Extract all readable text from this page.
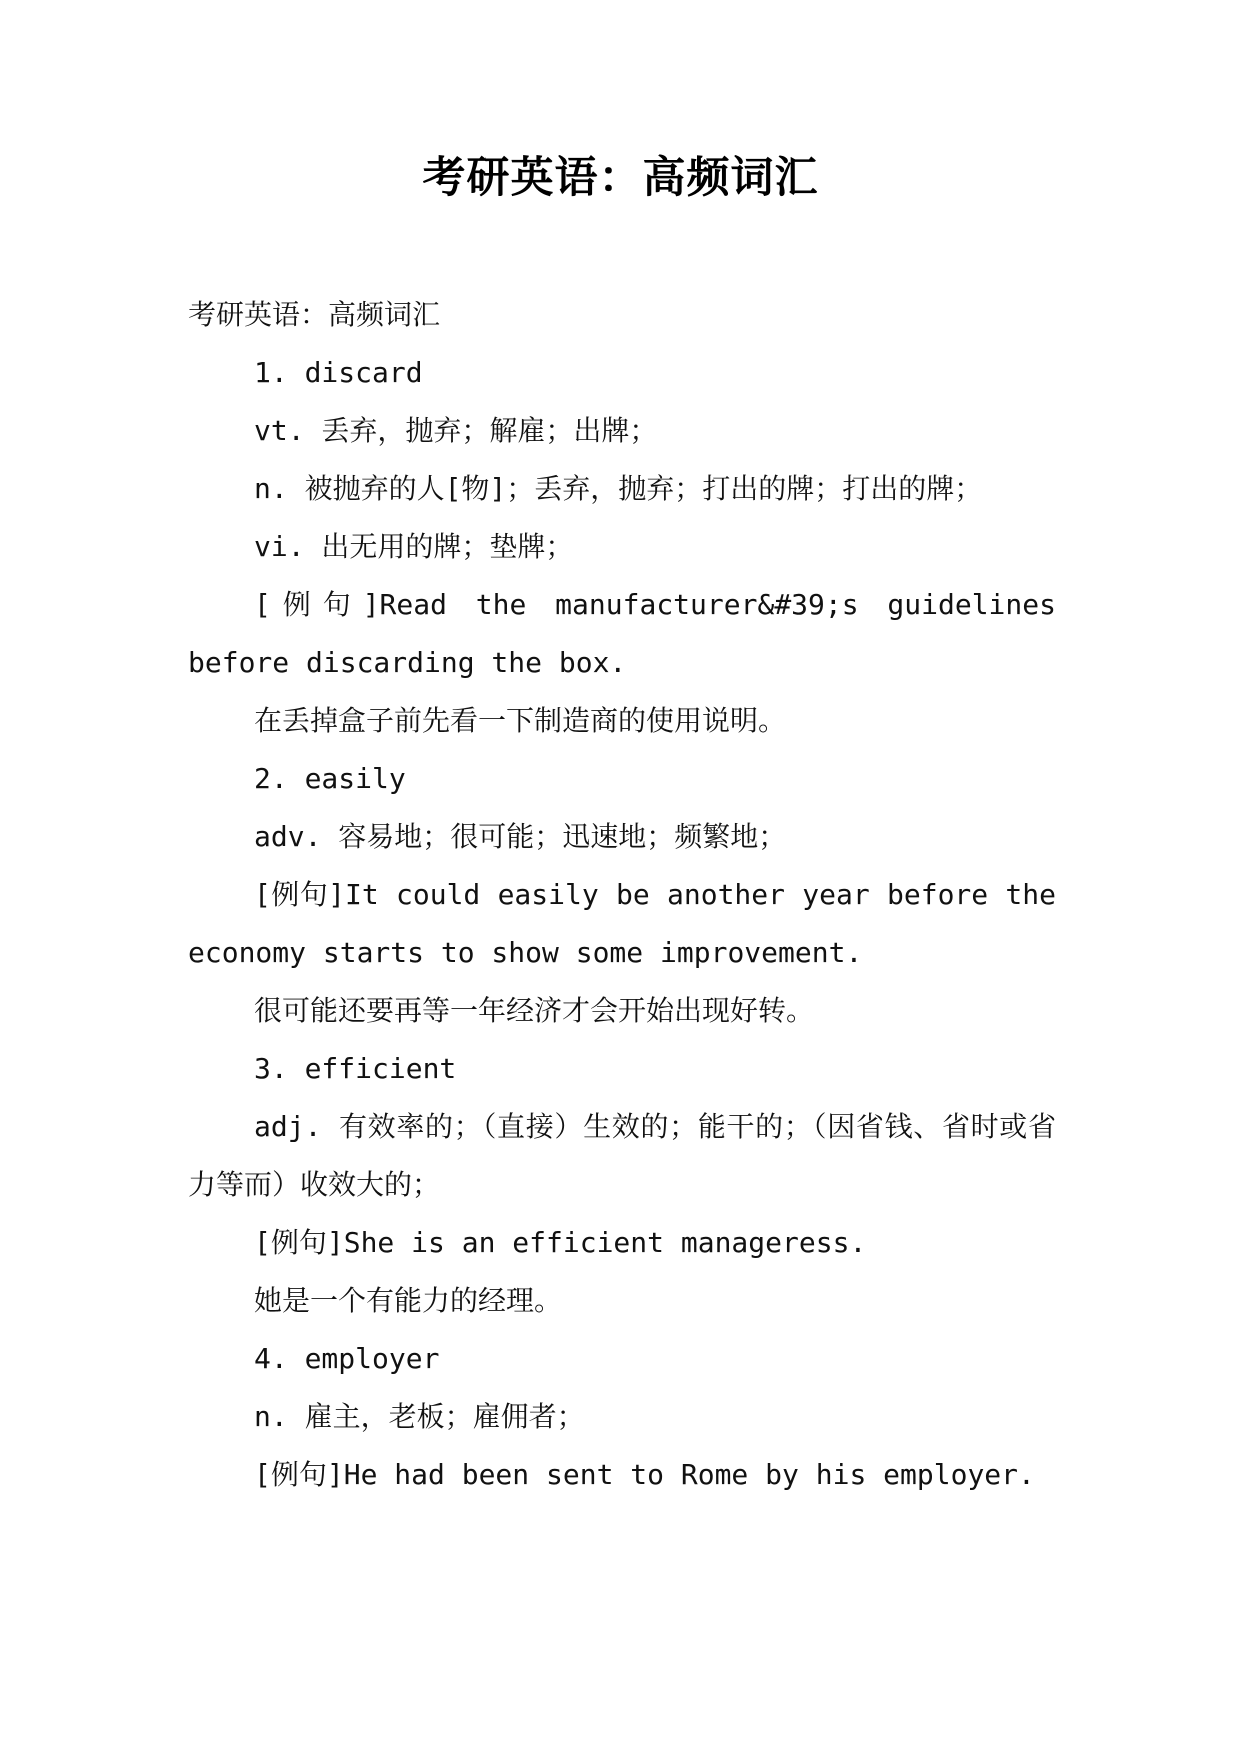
考研英语：高频词汇

考研英语：高频词汇

1. discard

vt. 丢弃，抛弃；解雇；出牌；

n. 被抛弃的人[物]；丢弃，抛弃；打出的牌；打出的牌；

vi. 出无用的牌；垫牌；

[例句]Read the manufacturer&#39;s guidelines before discarding the box.

在丢掉盒子前先看一下制造商的使用说明。

2. easily

adv. 容易地；很可能；迅速地；频繁地；

[例句]It could easily be another year before the economy starts to show some improvement.

很可能还要再等一年经济才会开始出现好转。

3. efficient

adj. 有效率的；（直接）生效的；能干的；（因省钱、省时或省力等而）收效大的；

[例句]She is an efficient manageress.

她是一个有能力的经理。

4. employer

n. 雇主，老板；雇佣者；

[例句]He had been sent to Rome by his employer.
